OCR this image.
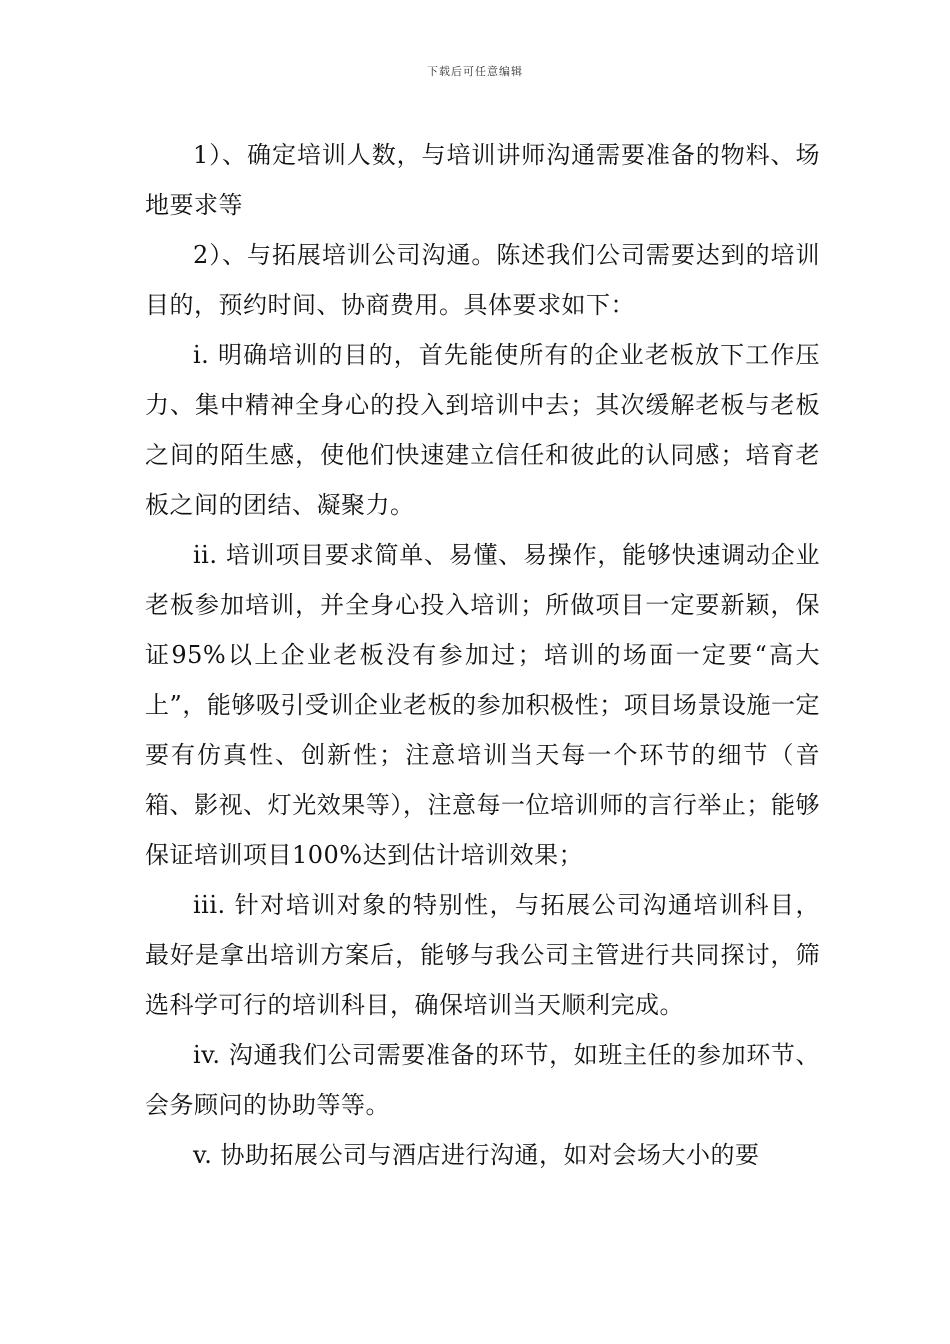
下载后可任意编辑

1）、确定培训人数，与培训讲师沟通需要准备的物料、场地要求等

2）、与拓展培训公司沟通。陈述我们公司需要达到的培训目的，预约时间、协商费用。具体要求如下：

i. 明确培训的目的，首先能使所有的企业老板放下工作压力、集中精神全身心的投入到培训中去；其次缓解老板与老板之间的陌生感，使他们快速建立信任和彼此的认同感；培育老板之间的团结、凝聚力。

ii. 培训项目要求简单、易懂、易操作，能够快速调动企业老板参加培训，并全身心投入培训；所做项目一定要新颖，保证95%以上企业老板没有参加过；培训的场面一定要“高大上”，能够吸引受训企业老板的参加积极性；项目场景设施一定要有仿真性、创新性；注意培训当天每一个环节的细节（音箱、影视、灯光效果等），注意每一位培训师的言行举止；能够保证培训项目100%达到估计培训效果；

iii. 针对培训对象的特别性，与拓展公司沟通培训科目，最好是拿出培训方案后，能够与我公司主管进行共同探讨，筛选科学可行的培训科目，确保培训当天顺利完成。

iv. 沟通我们公司需要准备的环节，如班主任的参加环节、会务顾问的协助等等。

v. 协助拓展公司与酒店进行沟通，如对会场大小的要
